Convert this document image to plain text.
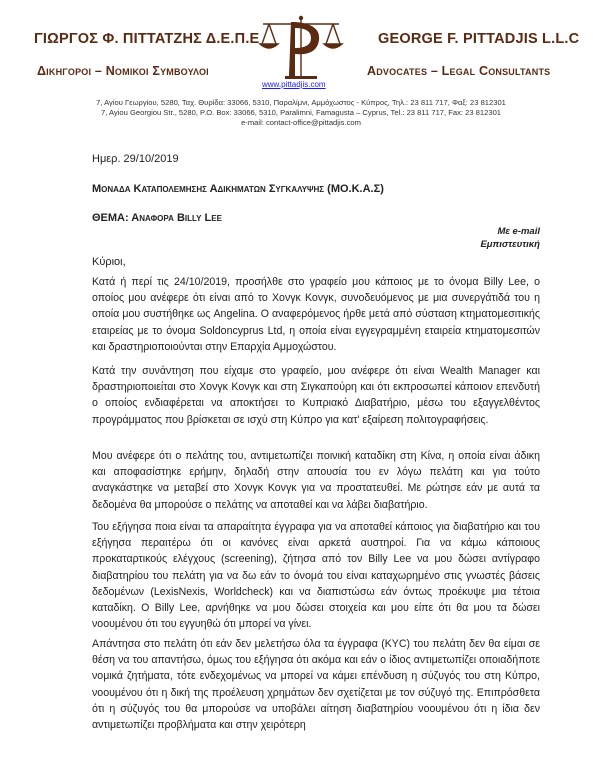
ΓΙΩΡΓΟΣ Φ. ΠΙΤΤΑΤΖΗΣ Δ.Ε.Π.Ε
Δικηγοροι – Νομικοι Συμβουλοι
www.pittadjis.com
GEORGE F. PITTADJIS L.L.C
Advocates – Legal Consultants
7, Αγίου Γεωργίου, 5280, Ταχ. Θυρίδα: 33066, 5310, Παραλίμνι, Αμμόχωστος - Κύπρος, Τηλ.: 23 811 717, Φαξ: 23 812301
7, Ayiou Georgiou Str., 5280, P.O. Box: 33066, 5310, Paralimni, Famagusta – Cyprus, Tel.: 23 811 717, Fax: 23 812301
e-mail: contact-office@pittadjis.com
Ημερ. 29/10/2019
Μοναδα Καταπολεμησης Αδικηματων Συγκαλυψης (ΜΟ.Κ.Α.Σ)
ΘΕΜΑ: Αναφορα Billy Lee
Με e-mail
Εμπιστευτική
Κύριοι,

Κατά ή περί τις 24/10/2019, προσήλθε στο γραφείο μου κάποιος με το όνομα Billy Lee, ο οποίος μου ανέφερε ότι είναι από το Χονγκ Κονγκ, συνοδευόμενος με μια συνεργάτιδά του η οποία μου συστήθηκε ως Angelina. Ο αναφερόμενος ήρθε μετά από σύσταση κτηματομεσιτικής εταιρείας με το όνομα Soldoncyprus Ltd, η οποία είναι εγγεγραμμένη εταιρεία κτηματομεσιτών και δραστηριοποιούνται στην Επαρχία Αμμοχώστου.

Κατά την συνάντηση που είχαμε στο γραφείο, μου ανέφερε ότι είναι Wealth Manager και δραστηριοποιείται στο Χονγκ Κονγκ και στη Σιγκαπούρη και ότι εκπροσωπεί κάποιον επενδυτή ο οποίος ενδιαφέρεται να αποκτήσει το Κυπριακό Διαβατήριο, μέσω του εξαγγελθέντος προγράμματος που βρίσκεται σε ισχύ στη Κύπρο για κατ' εξαίρεση πολιτογραφήσεις.

Μου ανέφερε ότι ο πελάτης του, αντιμετωπίζει ποινική καταδίκη στη Κίνα, η οποία είναι άδικη και αποφασίστηκε ερήμην, δηλαδή στην απουσία του εν λόγω πελάτη και για τούτο αναγκάστηκε να μεταβεί στο Χονγκ Κονγκ για να προστατευθεί. Με ρώτησε εάν με αυτά τα δεδομένα θα μπορούσε ο πελάτης να αποταθεί και να λάβει διαβατήριο.

Του εξήγησα ποια είναι τα απαραίτητα έγγραφα για να αποταθεί κάποιος για διαβατήριο και του εξήγησα περαιτέρω ότι οι κανόνες είναι αρκετά αυστηροί. Για να κάμω κάποιους προκαταρτικούς ελέγχους (screening), ζήτησα από τον Billy Lee να μου δώσει αντίγραφο διαβατηρίου του πελάτη για να δω εάν το όνομά του είναι καταχωρημένο στις γνωστές βάσεις δεδομένων (LexisNexis, Worldcheck) και να διαπιστώσω εάν όντως προέκυψε μια τέτοια καταδίκη. Ο Billy Lee, αρνήθηκε να μου δώσει στοιχεία και μου είπε ότι θα μου τα δώσει νοουμένου ότι του εγγυηθώ ότι μπορεί να γίνει.

Απάντησα στο πελάτη ότι εάν δεν μελετήσω όλα τα έγγραφα (KYC) του πελάτη δεν θα είμαι σε θέση να του απαντήσω, όμως του εξήγησα ότι ακόμα και εάν ο ίδιος αντιμετωπίζει οποιαδήποτε νομικά ζητήματα, τότε ενδεχομένως να μπορεί να κάμει επένδυση η σύζυγός του στη Κύπρο, νοουμένου ότι η δική της προέλευση χρημάτων δεν σχετίζεται με τον σύζυγό της. Επιπρόσθετα ότι η σύζυγός του θα μπορούσε να υποβάλει αίτηση διαβατηρίου νοουμένου ότι η ίδια δεν αντιμετωπίζει προβλήματα και στην χειρότερη
